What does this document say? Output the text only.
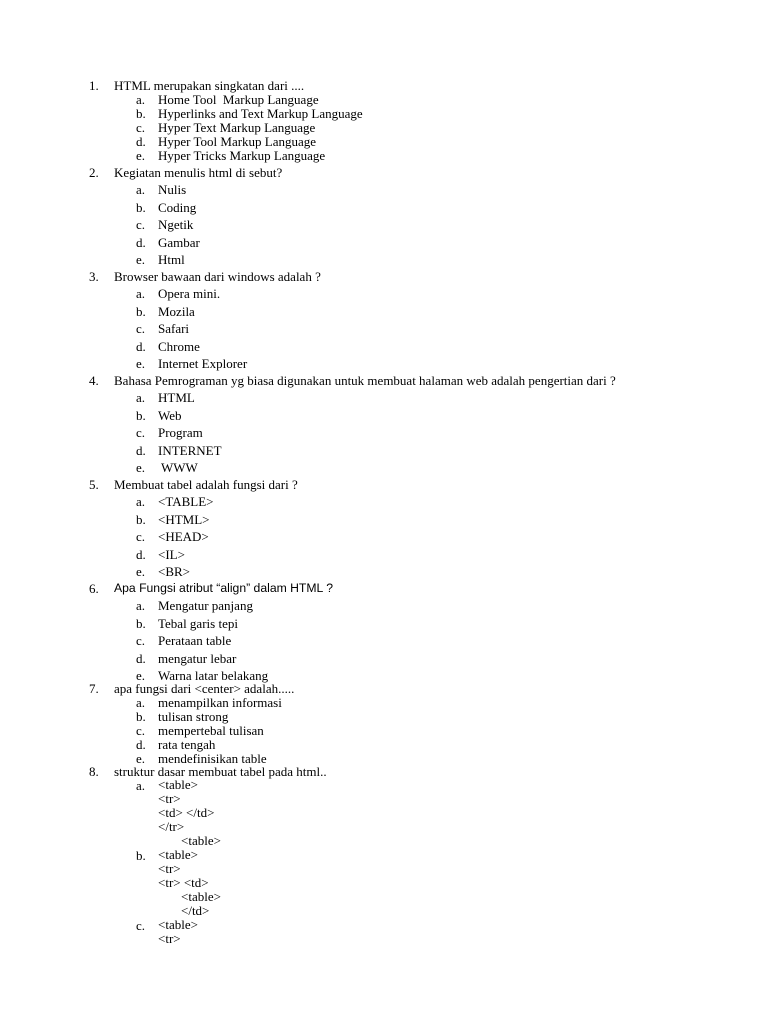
1. HTML merupakan singkatan dari ....
a. Home Tool  Markup Language
b. Hyperlinks and Text Markup Language
c. Hyper Text Markup Language
d. Hyper Tool Markup Language
e. Hyper Tricks Markup Language
2. Kegiatan menulis html di sebut?
a. Nulis
b. Coding
c. Ngetik
d. Gambar
e. Html
3. Browser bawaan dari windows adalah ?
a. Opera mini.
b. Mozila
c. Safari
d. Chrome
e. Internet Explorer
4. Bahasa Pemrograman yg biasa digunakan untuk membuat halaman web adalah pengertian dari ?
a. HTML
b. Web
c. Program
d. INTERNET
e. WWW
5. Membuat tabel adalah fungsi dari ?
a. <TABLE>
b. <HTML>
c. <HEAD>
d. <IL>
e. <BR>
6. Apa Fungsi atribut “align” dalam HTML ?
a. Mengatur panjang
b. Tebal garis tepi
c. Perataan table
d. mengatur lebar
e. Warna latar belakang
7. apa fungsi dari <center> adalah.....
a. menampilkan informasi
b. tulisan strong
c. mempertebal tulisan
d. rata tengah
e. mendefinisikan table
8. struktur dasar membuat tabel pada html..
a. <table>
<tr>
<td> </td>
</tr>
<table>
b. <table>
<tr>
<tr> <td>
<table>
</td>
c. <table>
<tr>
